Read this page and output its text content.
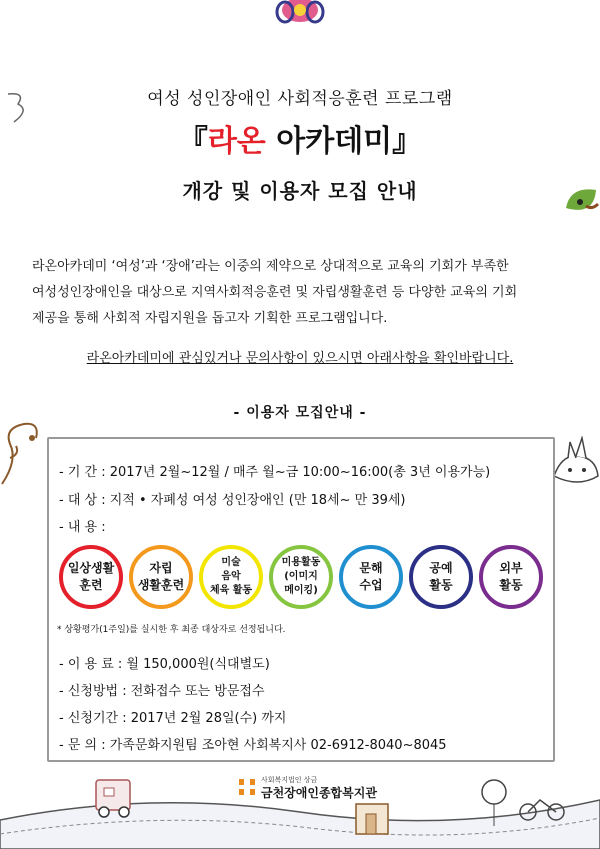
여성 성인장애인 사회적응훈련 프로그램
『라온 아카데미』
개강 및 이용자 모집 안내

라온아카데미 ‘여성’과 ‘장애’라는 이중의 제약으로 상대적으로 교육의 기회가 부족한

여성성인장애인을 대상으로 지역사회적응훈련 및 자립생활훈련 등 다양한 교육의 기회

제공을 통해 사회적 자립지원을 돕고자 기획한 프로그램입니다.

라온아카데미에 관심있거나 문의사항이 있으시면 아래사항을 확인바랍니다.
- 이용자 모집안내 -
- 기 간 : 2017년 2월~12월 / 매주 월~금 10:00~16:00(총 3년 이용가능)
- 대 상 : 지적 • 자폐성 여성 성인장애인 (만 18세~ 만 39세)
- 내 용 :
일상생활
훈련
자립
생활훈련
미술
음악
체육 활동
미용활동
(이미지
메이킹)
문해
수업
공예
활동
외부
활동
* 상황평가(1주일)를 실시한 후 최종 대상자로 선정됩니다.
- 이 용 료 : 월 150,000원(식대별도)
- 신청방법 : 전화접수 또는 방문접수
- 신청기간 : 2017년 2월 28일(수) 까지
- 문 의 : 가족문화지원팀 조아현 사회복지사 02-6912-8040~8045
사회복지법인 상금
금천장애인종합복지관
